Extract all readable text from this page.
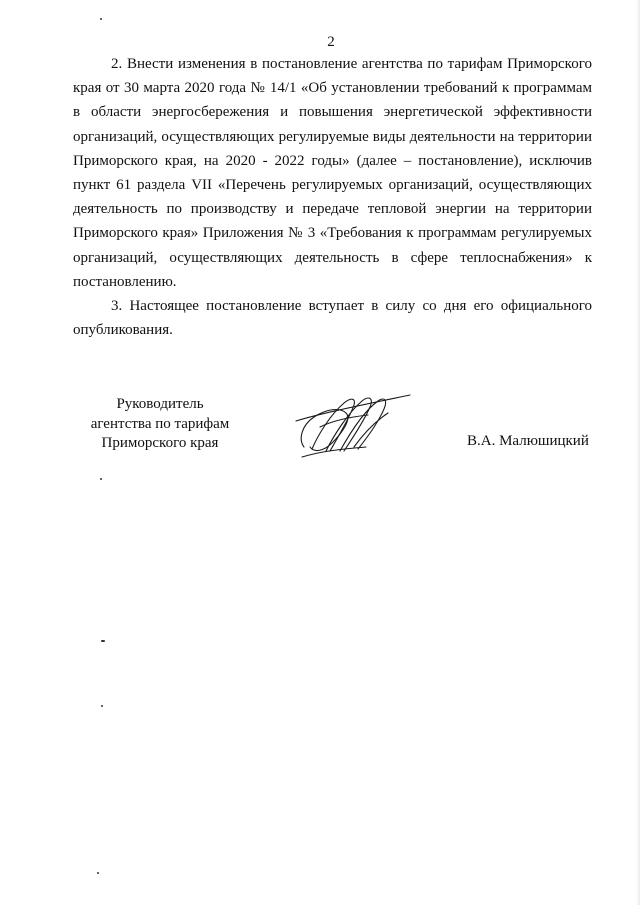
2

2. Внести изменения в постановление агентства по тарифам Приморского края от 30 марта 2020 года № 14/1 «Об установлении требований к программам в области энергосбережения и повышения энергетической эффективности организаций, осуществляющих регулируемые виды деятельности на территории Приморского края, на 2020 - 2022 годы» (далее – постановление), исключив пункт 61 раздела VII «Перечень регулируемых организаций, осуществляющих деятельность по производству и передаче тепловой энергии на территории Приморского края» Приложения № 3 «Требования к программам регулируемых организаций, осуществляющих деятельность в сфере теплоснабжения» к постановлению.

3. Настоящее постановление вступает в силу со дня его официального опубликования.

Руководитель
агентства по тарифам
Приморского края	В.А. Малюшицкий
